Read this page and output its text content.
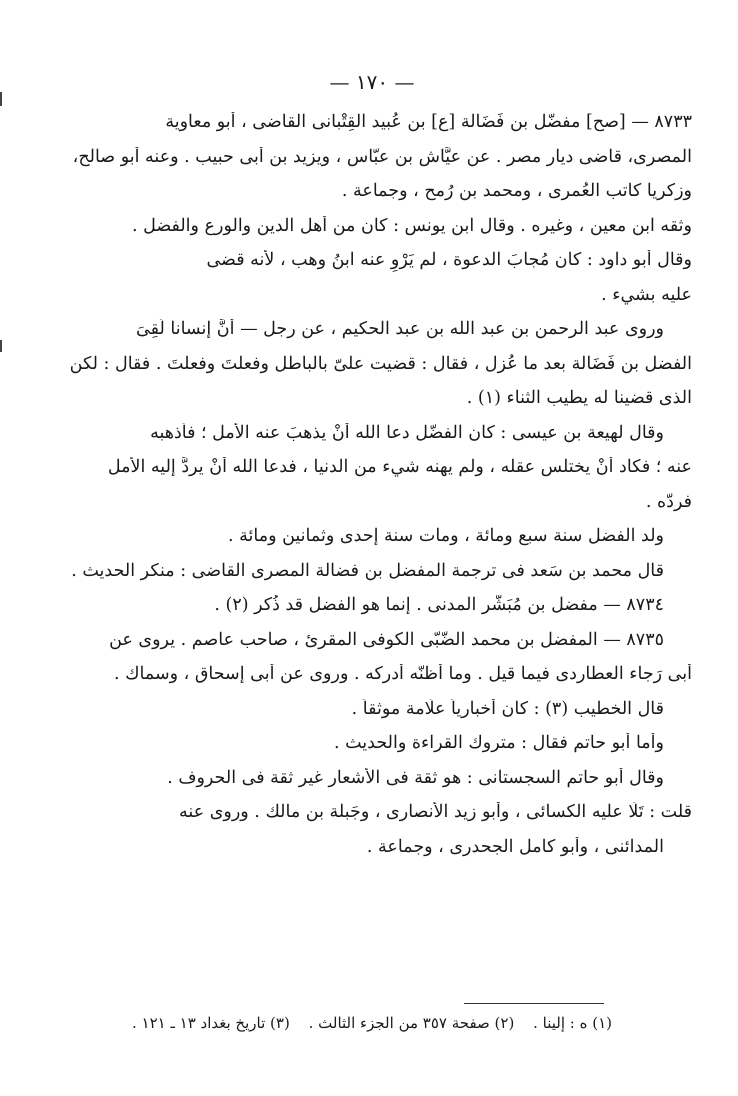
— ١٧٠ —
٨٧٣٣ — [صح] مفضّل بن فَضَالة [ع] بن عُبيد القِتْبانى القاضى ، أبو معاوية
المصرى، قاضى ديار مصر . عن عيَّاش بن عبّاس ، ويزيد بن أبى حبيب . وعنه أبو صالح،
وزكريا كاتب العُمرى ، ومحمد بن رُمح ، وجماعة .
وثقه ابن معين ، وغيره . وقال ابن يونس : كان من أهل الدين والورع والفضل .
وقال أبو داود : كان مُجابَ الدعوة ، لم يَرْوِ عنه ابنُ وهب ، لأنه قضى
عليه بشيء .
وروى عبد الرحمن بن عبد الله بن عبد الحكيم ، عن رجل — أنَّ إنسانا لَقِىَ
الفضل بن فَضَالة بعد ما عُزل ، فقال : قضيت علىّ بالباطل وفعلتَ وفعلتَ . فقال : لكن
الذى قضينا له يطيب الثناء (١) .
وقال لهيعة بن عيسى : كان الفضّل دعا الله أنْ يذهبَ عنه الأمل ؛ فأذهبه
عنه ؛ فكاد أنْ يختلس عقله ، ولم يهنه شيء من الدنيا ، فدعا الله أنْ يردَّ إليه الأمل
فردّه .
ولد الفضل سنة سبع ومائة ، ومات سنة إحدى وثمانين ومائة .
قال محمد بن سَعد فى ترجمة المفضل بن فضالة المصرى القاضى : منكر الحديث .
٨٧٣٤ — مفضل بن مُبَشّر المدنى . إنما هو الفضل قد ذُكر (٢) .
٨٧٣٥ — المفضل بن محمد الضّبّى الكوفى المقرئ ، صاحب عاصم . يروى عن
أبى رَجاء العطاردى فيما قيل . وما أظنّه أدركه . وروى عن أبى إسحاق ، وسماك .
قال الخطيب (٣) : كان أخبارياً علّامة موثقاً .
وأما أبو حاتم فقال : متروك القراءة والحديث .
وقال أبو حاتم السجستانى : هو ثقة فى الأشعار غير ثقة فى الحروف .
قلت : تَلَا عليه الكسائى ، وأبو زيد الأنصارى ، وجَبلة بن مالك . وروى عنه
المدائنى ، وأبو كامل الجحدرى ، وجماعة .
(١) ه : إلينا . (٢) صفحة ٣٥٧ من الجزء الثالث . (٣) تاريخ بغداد ١٣ ـ ١٢١ .
